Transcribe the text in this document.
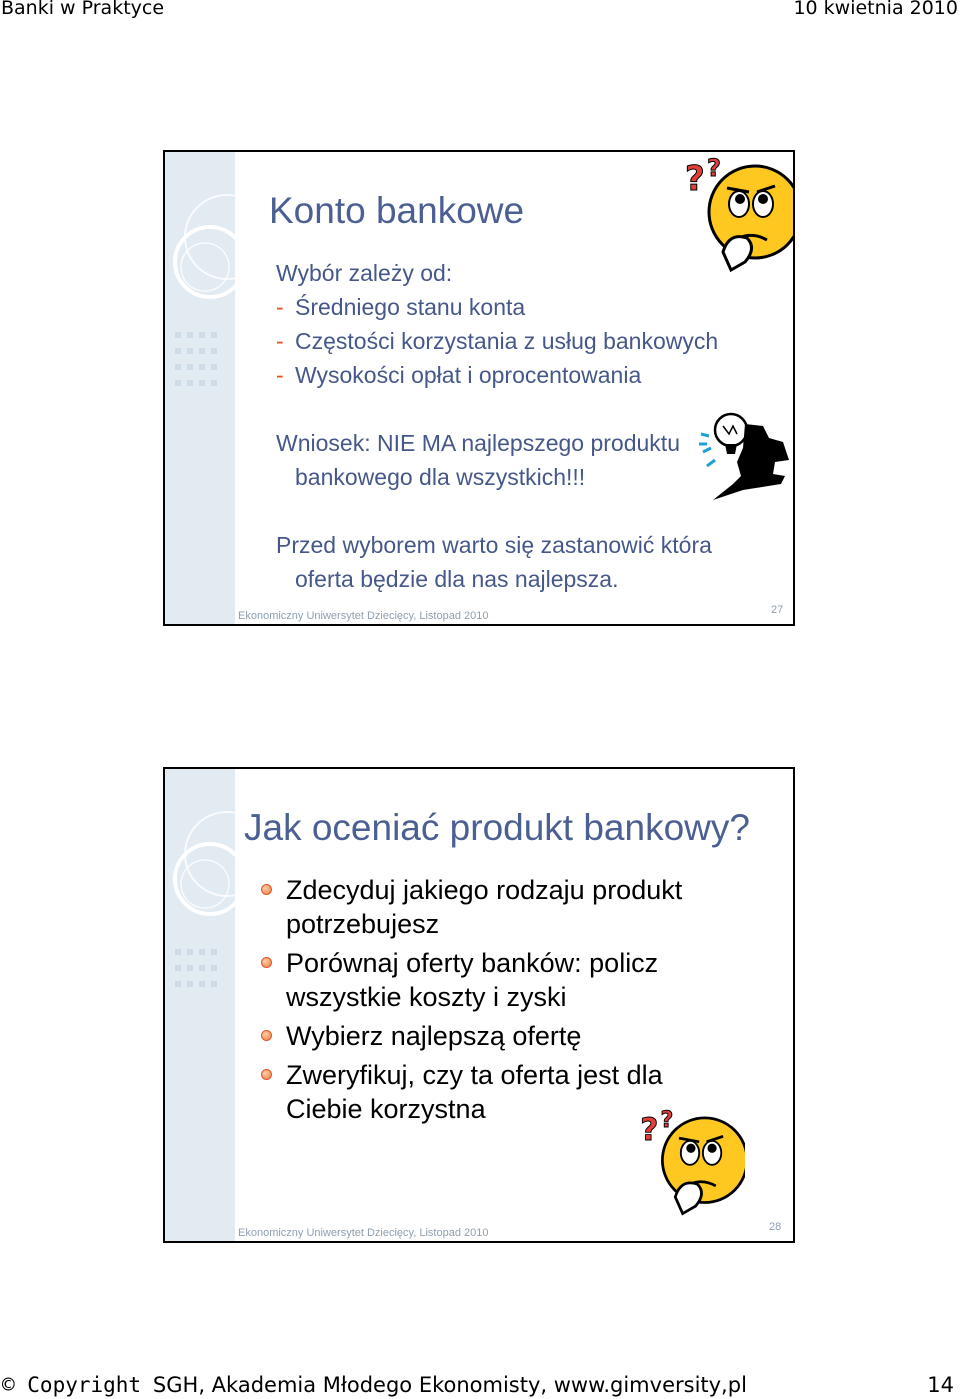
Banki w Praktyce	10 kwietnia 2010
Konto bankowe
Wybór zależy od:
- Średniego stanu konta
- Częstości korzystania z usług bankowych
- Wysokości opłat i oprocentowania
Wniosek: NIE MA najlepszego produktu
bankowego dla wszystkich!!!
Przed wyborem warto się zastanowić która
oferta będzie dla nas najlepsza.
? ?
Ekonomiczny Uniwersytet Dziecięcy, Listopad 2010	27
Jak oceniać produkt bankowy?
Zdecyduj jakiego rodzaju produkt potrzebujesz
Porównaj oferty banków: policz wszystkie koszty i zyski
Wybierz najlepszą ofertę
Zweryfikuj, czy ta oferta jest dla Ciebie korzystna
? ?
Ekonomiczny Uniwersytet Dziecięcy, Listopad 2010	28
© Copyright SGH, Akademia Młodego Ekonomisty, www.gimversity,pl	14
